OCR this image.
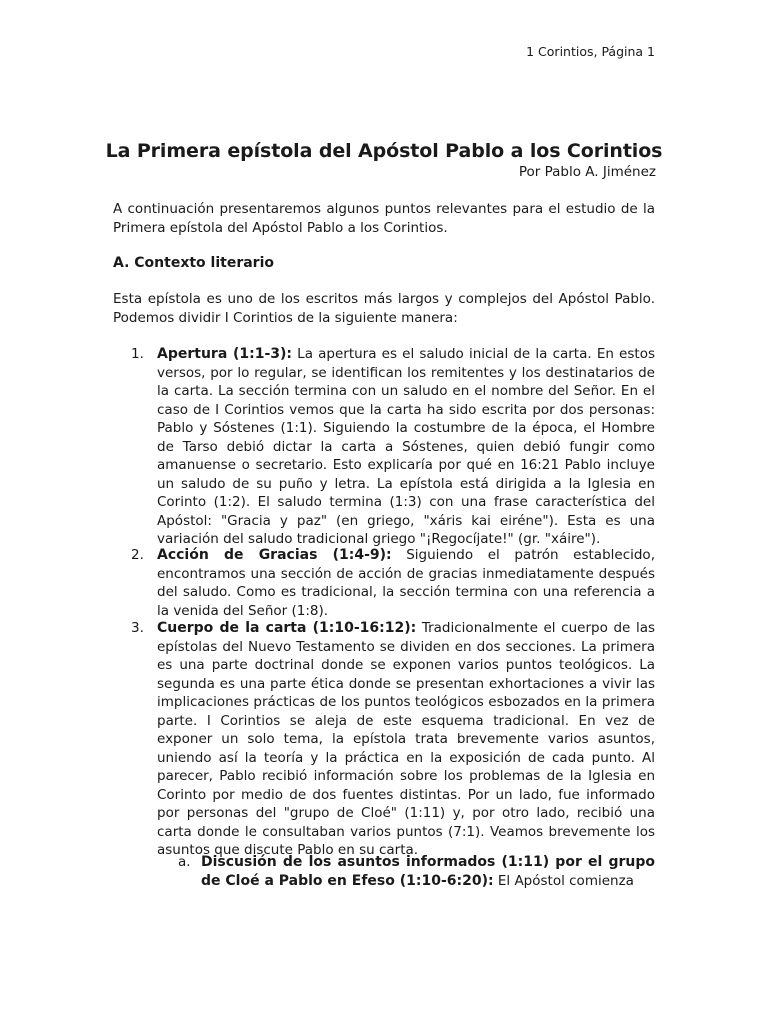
1 Corintios, Página 1
La Primera epístola del Apóstol Pablo a los Corintios
Por Pablo A. Jiménez
A continuación presentaremos algunos puntos relevantes para el estudio de la Primera epístola del Apóstol Pablo a los Corintios.
A. Contexto literario
Esta epístola es uno de los escritos más largos y complejos del Apóstol Pablo. Podemos dividir I Corintios de la siguiente manera:
1. Apertura (1:1-3): La apertura es el saludo inicial de la carta. En estos versos, por lo regular, se identifican los remitentes y los destinatarios de la carta. La sección termina con un saludo en el nombre del Señor. En el caso de I Corintios vemos que la carta ha sido escrita por dos personas: Pablo y Sóstenes (1:1). Siguiendo la costumbre de la época, el Hombre de Tarso debió dictar la carta a Sóstenes, quien debió fungir como amanuense o secretario. Esto explicaría por qué en 16:21 Pablo incluye un saludo de su puño y letra. La epístola está dirigida a la Iglesia en Corinto (1:2). El saludo termina (1:3) con una frase característica del Apóstol: "Gracia y paz" (en griego, "xáris kai eiréne"). Esta es una variación del saludo tradicional griego "¡Regocíjate!" (gr. "xáire").
2. Acción de Gracias (1:4-9): Siguiendo el patrón establecido, encontramos una sección de acción de gracias inmediatamente después del saludo. Como es tradicional, la sección termina con una referencia a la venida del Señor (1:8).
3. Cuerpo de la carta (1:10-16:12): Tradicionalmente el cuerpo de las epístolas del Nuevo Testamento se dividen en dos secciones. La primera es una parte doctrinal donde se exponen varios puntos teológicos. La segunda es una parte ética donde se presentan exhortaciones a vivir las implicaciones prácticas de los puntos teológicos esbozados en la primera parte. I Corintios se aleja de este esquema tradicional. En vez de exponer un solo tema, la epístola trata brevemente varios asuntos, uniendo así la teoría y la práctica en la exposición de cada punto. Al parecer, Pablo recibió información sobre los problemas de la Iglesia en Corinto por medio de dos fuentes distintas. Por un lado, fue informado por personas del "grupo de Cloé" (1:11) y, por otro lado, recibió una carta donde le consultaban varios puntos (7:1). Veamos brevemente los asuntos que discute Pablo en su carta.
a. Discusión de los asuntos informados (1:11) por el grupo de Cloé a Pablo en Efeso (1:10-6:20): El Apóstol comienza
